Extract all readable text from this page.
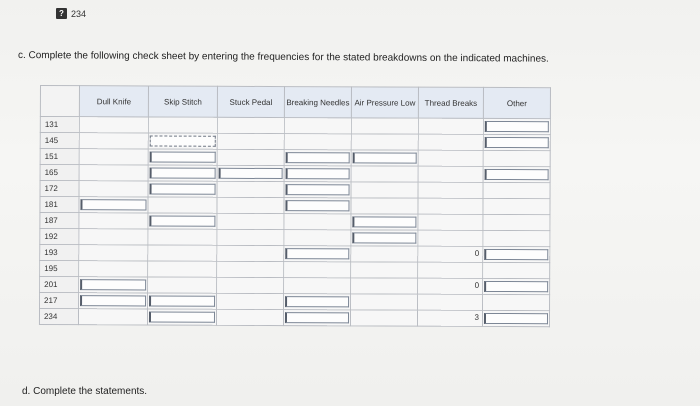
? 234
c. Complete the following check sheet by entering the frequencies for the stated breakdowns on the indicated machines.
	Dull Knife	Skip Stitch	Stuck Pedal	Breaking Needles	Air Pressure Low	Thread Breaks	Other
131							

145		

151		

165		

172		

181	

187		

192					

193						0	

195							
201						0	

217	

234						3	

d. Complete the statements.
